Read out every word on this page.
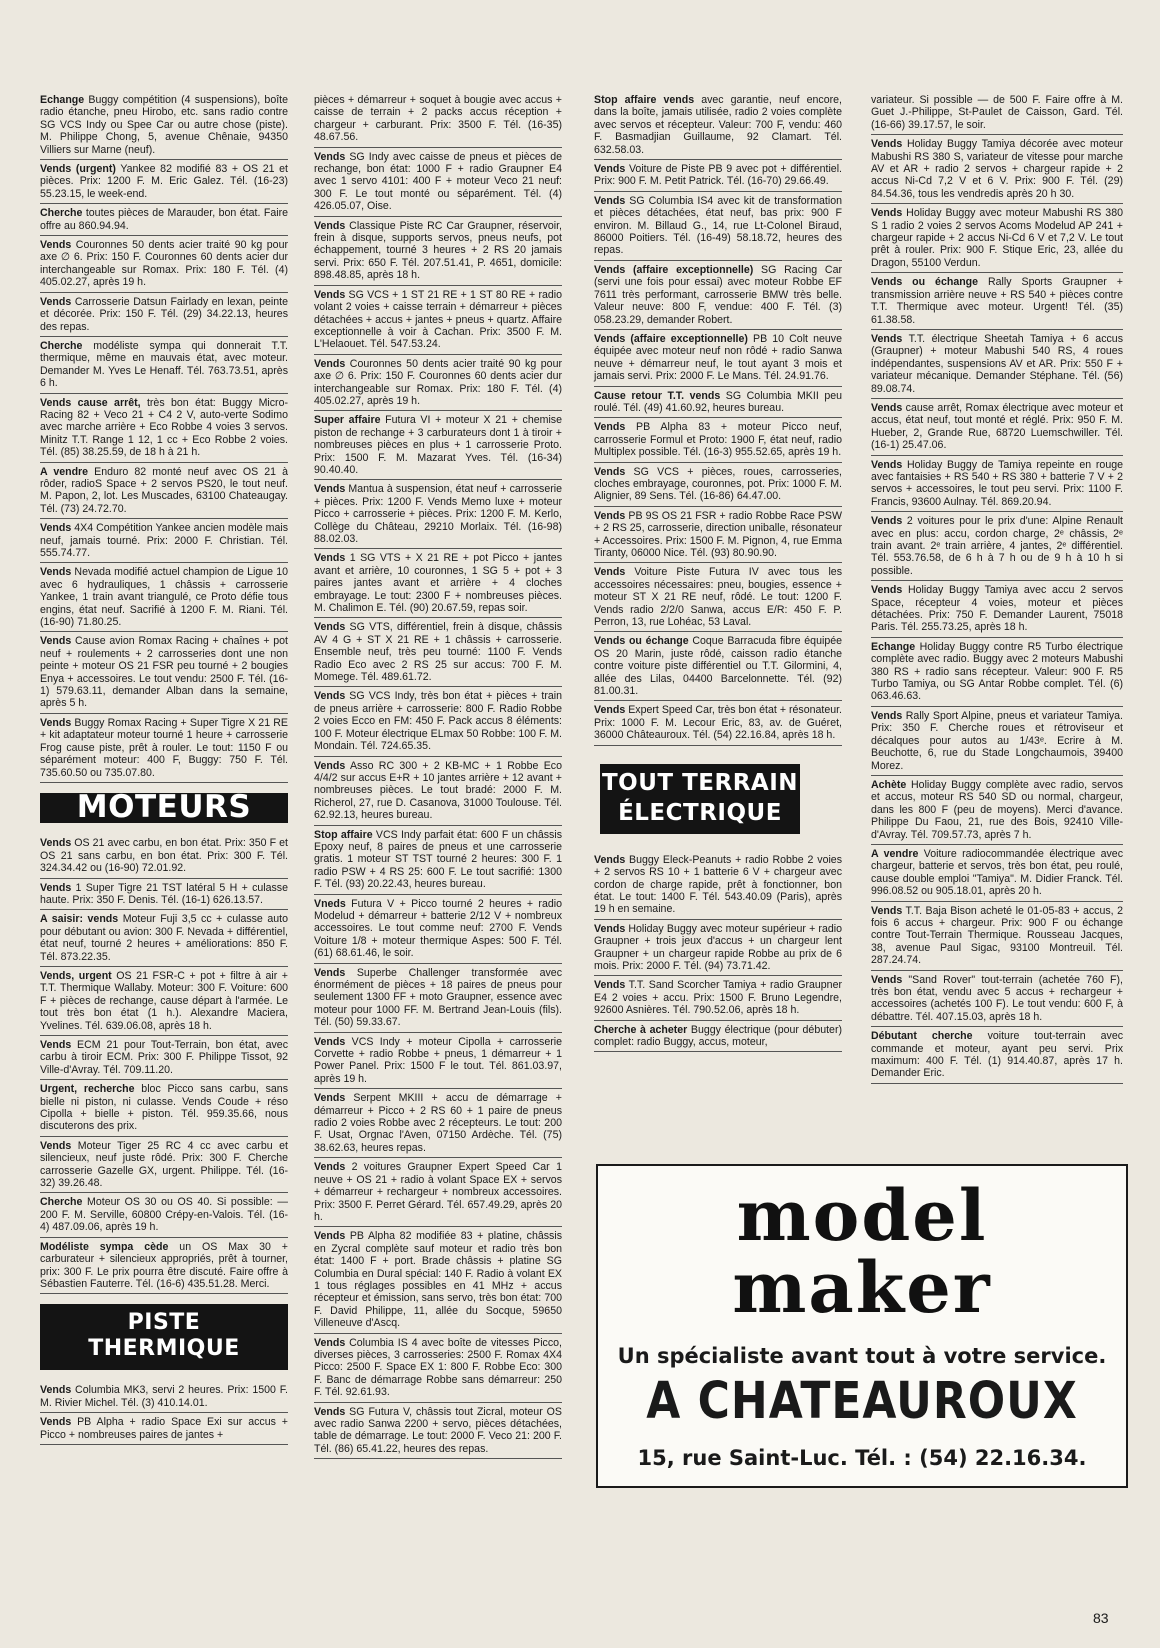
Echange Buggy compétition (4 suspensions), boîte radio étanche, pneu Hirobo, etc. sans radio contre SG VCS Indy ou Spee Car ou autre chose (piste). M. Philippe Chong, 5, avenue Chênaie, 94350 Villiers sur Marne (neuf).
Vends (urgent) Yankee 82 modifié 83 + OS 21 et pièces. Prix: 1200 F. M. Eric Galez. Tél. (16-23) 55.23.15, le week-end.
Cherche toutes pièces de Marauder, bon état. Faire offre au 860.94.94.
Vends Couronnes 50 dents acier traité 90 kg pour axe ∅ 6. Prix: 150 F. Couronnes 60 dents acier dur interchangeable sur Romax. Prix: 180 F. Tél. (4) 405.02.27, après 19 h.
Vends Carrosserie Datsun Fairlady en lexan, peinte et décorée. Prix: 150 F. Tél. (29) 34.22.13, heures des repas.
Cherche modéliste sympa qui donnerait T.T. thermique, même en mauvais état, avec moteur. Demander M. Yves Le Henaff. Tél. 763.73.51, après 6 h.
Vends cause arrêt, très bon état: Buggy Micro-Racing 82 + Veco 21 + C4 2 V, auto-verte Sodimo avec marche arrière + Eco Robbe 4 voies 3 servos. Minitz T.T. Range 1 12, 1 cc + Eco Robbe 2 voies. Tél. (85) 38.25.59, de 18 h à 21 h.
A vendre Enduro 82 monté neuf avec OS 21 à rôder, radioS Space + 2 servos PS20, le tout neuf. M. Papon, 2, lot. Les Muscades, 63100 Chateaugay. Tél. (73) 24.72.70.
Vends 4X4 Compétition Yankee ancien modèle mais neuf, jamais tourné. Prix: 2000 F. Christian. Tél. 555.74.77.
Vends Nevada modifié actuel champion de Ligue 10 avec 6 hydrauliques, 1 châssis + carrosserie Yankee, 1 train avant triangulé, ce Proto défie tous engins, état neuf. Sacrifié à 1200 F. M. Riani. Tél. (16-90) 71.80.25.
Vends Cause avion Romax Racing + chaînes + pot neuf + roulements + 2 carrosseries dont une non peinte + moteur OS 21 FSR peu tourné + 2 bougies Enya + accessoires. Le tout vendu: 2500 F. Tél. (16-1) 579.63.11, demander Alban dans la semaine, après 5 h.
Vends Buggy Romax Racing + Super Tigre X 21 RE + kit adaptateur moteur tourné 1 heure + carrosserie Frog cause piste, prêt à rouler. Le tout: 1150 F ou séparément moteur: 400 F, Buggy: 750 F. Tél. 735.60.50 ou 735.07.80.
MOTEURS
Vends OS 21 avec carbu, en bon état. Prix: 350 F et OS 21 sans carbu, en bon état. Prix: 300 F. Tél. 324.34.42 ou (16-90) 72.01.92.
Vends 1 Super Tigre 21 TST latéral 5 H + culasse haute. Prix: 350 F. Denis. Tél. (16-1) 626.13.57.
A saisir: vends Moteur Fuji 3,5 cc + culasse auto pour débutant ou avion: 300 F. Nevada + différentiel, état neuf, tourné 2 heures + améliorations: 850 F. Tél. 873.22.35.
Vends, urgent OS 21 FSR-C + pot + filtre à air + T.T. Thermique Wallaby. Moteur: 300 F. Voiture: 600 F + pièces de rechange, cause départ à l'armée. Le tout très bon état (1 h.). Alexandre Maciera, Yvelines. Tél. 639.06.08, après 18 h.
Vends ECM 21 pour Tout-Terrain, bon état, avec carbu à tiroir ECM. Prix: 300 F. Philippe Tissot, 92 Ville-d'Avray. Tél. 709.11.20.
Urgent, recherche bloc Picco sans carbu, sans bielle ni piston, ni culasse. Vends Coude + réso Cipolla + bielle + piston. Tél. 959.35.66, nous discuterons des prix.
Vends Moteur Tiger 25 RC 4 cc avec carbu et silencieux, neuf juste rôdé. Prix: 300 F. Cherche carrosserie Gazelle GX, urgent. Philippe. Tél. (16-32) 39.26.48.
Cherche Moteur OS 30 ou OS 40. Si possible: — 200 F. M. Serville, 60800 Crépy-en-Valois. Tél. (16-4) 487.09.06, après 19 h.
Modéliste sympa cède un OS Max 30 + carburateur + silencieux appropriés, prêt à tourner, prix: 300 F. Le prix pourra être discuté. Faire offre à Sébastien Fauterre. Tél. (16-6) 435.51.28. Merci.
PISTE
THERMIQUE
Vends Columbia MK3, servi 2 heures. Prix: 1500 F. M. Rivier Michel. Tél. (3) 410.14.01.
Vends PB Alpha + radio Space Exi sur accus + Picco + nombreuses paires de jantes +
pièces + démarreur + soquet à bougie avec accus + caisse de terrain + 2 packs accus réception + chargeur + carburant. Prix: 3500 F. Tél. (16-35) 48.67.56.
Vends SG Indy avec caisse de pneus et pièces de rechange, bon état: 1000 F + radio Graupner E4 avec 1 servo 4101: 400 F + moteur Veco 21 neuf: 300 F. Le tout monté ou séparément. Tél. (4) 426.05.07, Oise.
Vends Classique Piste RC Car Graupner, réservoir, frein à disque, supports servos, pneus neufs, pot échappement, tourné 3 heures + 2 RS 20 jamais servi. Prix: 650 F. Tél. 207.51.41, P. 4651, domicile: 898.48.85, après 18 h.
Vends SG VCS + 1 ST 21 RE + 1 ST 80 RE + radio volant 2 voies + caisse terrain + démarreur + pièces détachées + accus + jantes + pneus + quartz. Affaire exceptionnelle à voir à Cachan. Prix: 3500 F. M. L'Helaouet. Tél. 547.53.24.
Vends Couronnes 50 dents acier traité 90 kg pour axe ∅ 6. Prix: 150 F. Couronnes 60 dents acier dur interchangeable sur Romax. Prix: 180 F. Tél. (4) 405.02.27, après 19 h.
Super affaire Futura VI + moteur X 21 + chemise piston de rechange + 3 carburateurs dont 1 à tiroir + nombreuses pièces en plus + 1 carrosserie Proto. Prix: 1500 F. M. Mazarat Yves. Tél. (16-34) 90.40.40.
Vends Mantua à suspension, état neuf + carrosserie + pièces. Prix: 1200 F. Vends Memo luxe + moteur Picco + carrosserie + pièces. Prix: 1200 F. M. Kerlo, Collège du Château, 29210 Morlaix. Tél. (16-98) 88.02.03.
Vends 1 SG VTS + X 21 RE + pot Picco + jantes avant et arrière, 10 couronnes, 1 SG 5 + pot + 3 paires jantes avant et arrière + 4 cloches embrayage. Le tout: 2300 F + nombreuses pièces. M. Chalimon E. Tél. (90) 20.67.59, repas soir.
Vends SG VTS, différentiel, frein à disque, châssis AV 4 G + ST X 21 RE + 1 châssis + carrosserie. Ensemble neuf, très peu tourné: 1100 F. Vends Radio Eco avec 2 RS 25 sur accus: 700 F. M. Momege. Tél. 489.61.72.
Vends SG VCS Indy, très bon état + pièces + train de pneus arrière + carrosserie: 800 F. Radio Robbe 2 voies Ecco en FM: 450 F. Pack accus 8 éléments: 100 F. Moteur électrique ELmax 50 Robbe: 100 F. M. Mondain. Tél. 724.65.35.
Vends Asso RC 300 + 2 KB-MC + 1 Robbe Eco 4/4/2 sur accus E+R + 10 jantes arrière + 12 avant + nombreuses pièces. Le tout bradé: 2000 F. M. Richerol, 27, rue D. Casanova, 31000 Toulouse. Tél. 62.92.13, heures bureau.
Stop affaire VCS Indy parfait état: 600 F un châssis Epoxy neuf, 8 paires de pneus et une carrosserie gratis. 1 moteur ST TST tourné 2 heures: 300 F. 1 radio PSW + 4 RS 25: 600 F. Le tout sacrifié: 1300 F. Tél. (93) 20.22.43, heures bureau.
Vneds Futura V + Picco tourné 2 heures + radio Modelud + démarreur + batterie 2/12 V + nombreux accessoires. Le tout comme neuf: 2700 F. Vends Voiture 1/8 + moteur thermique Aspes: 500 F. Tél. (61) 68.61.46, le soir.
Vends Superbe Challenger transformée avec énormément de pièces + 18 paires de pneus pour seulement 1300 FF + moto Graupner, essence avec moteur pour 1000 FF. M. Bertrand Jean-Louis (fils). Tél. (50) 59.33.67.
Vends VCS Indy + moteur Cipolla + carrosserie Corvette + radio Robbe + pneus, 1 démarreur + 1 Power Panel. Prix: 1500 F le tout. Tél. 861.03.97, après 19 h.
Vends Serpent MKIII + accu de démarrage + démarreur + Picco + 2 RS 60 + 1 paire de pneus radio 2 voies Robbe avec 2 récepteurs. Le tout: 200 F. Usat, Orgnac l'Aven, 07150 Ardèche. Tél. (75) 38.62.63, heures repas.
Vends 2 voitures Graupner Expert Speed Car 1 neuve + OS 21 + radio à volant Space EX + servos + démarreur + rechargeur + nombreux accessoires. Prix: 3500 F. Perret Gérard. Tél. 657.49.29, après 20 h.
Vends PB Alpha 82 modifiée 83 + platine, châssis en Zycral complète sauf moteur et radio très bon état: 1400 F + port. Brade châssis + platine SG Columbia en Dural spécial: 140 F. Radio à volant EX 1 tous réglages possibles en 41 MHz + accus récepteur et émission, sans servo, très bon état: 700 F. David Philippe, 11, allée du Socque, 59650 Villeneuve d'Ascq.
Vends Columbia IS 4 avec boîte de vitesses Picco, diverses pièces, 3 carrosseries: 2500 F. Romax 4X4 Picco: 2500 F. Space EX 1: 800 F. Robbe Eco: 300 F. Banc de démarrage Robbe sans démarreur: 250 F. Tél. 92.61.93.
Vends SG Futura V, châssis tout Zicral, moteur OS avec radio Sanwa 2200 + servo, pièces détachées, table de démarrage. Le tout: 2000 F. Veco 21: 200 F. Tél. (86) 65.41.22, heures des repas.
Stop affaire vends avec garantie, neuf encore, dans la boîte, jamais utilisée, radio 2 voies complète avec servos et récepteur. Valeur: 700 F, vendu: 460 F. Basmadjian Guillaume, 92 Clamart. Tél. 632.58.03.
Vends Voiture de Piste PB 9 avec pot + différentiel. Prix: 900 F. M. Petit Patrick. Tél. (16-70) 29.66.49.
Vends SG Columbia IS4 avec kit de transformation et pièces détachées, état neuf, bas prix: 900 F environ. M. Billaud G., 14, rue Lt-Colonel Biraud, 86000 Poitiers. Tél. (16-49) 58.18.72, heures des repas.
Vends (affaire exceptionnelle) SG Racing Car (servi une fois pour essai) avec moteur Robbe EF 7611 très performant, carrosserie BMW très belle. Valeur neuve: 800 F, vendue: 400 F. Tél. (3) 058.23.29, demander Robert.
Vends (affaire exceptionnelle) PB 10 Colt neuve équipée avec moteur neuf non rôdé + radio Sanwa neuve + démarreur neuf, le tout ayant 3 mois et jamais servi. Prix: 2000 F. Le Mans. Tél. 24.91.76.
Cause retour T.T. vends SG Columbia MKII peu roulé. Tél. (49) 41.60.92, heures bureau.
Vends PB Alpha 83 + moteur Picco neuf, carrosserie Formul et Proto: 1900 F, état neuf, radio Multiplex possible. Tél. (16-3) 955.52.65, après 19 h.
Vends SG VCS + pièces, roues, carrosseries, cloches embrayage, couronnes, pot. Prix: 1000 F. M. Alignier, 89 Sens. Tél. (16-86) 64.47.00.
Vends PB 9S OS 21 FSR + radio Robbe Race PSW + 2 RS 25, carrosserie, direction uniballe, résonateur + Accessoires. Prix: 1500 F. M. Pignon, 4, rue Emma Tiranty, 06000 Nice. Tél. (93) 80.90.90.
Vends Voiture Piste Futura IV avec tous les accessoires nécessaires: pneu, bougies, essence + moteur ST X 21 RE neuf, rôdé. Le tout: 1200 F. Vends radio 2/2/0 Sanwa, accus E/R: 450 F. P. Perron, 13, rue Lohéac, 53 Laval.
Vends ou échange Coque Barracuda fibre équipée OS 20 Marin, juste rôdé, caisson radio étanche contre voiture piste différentiel ou T.T. Gilormini, 4, allée des Lilas, 04400 Barcelonnette. Tél. (92) 81.00.31.
Vends Expert Speed Car, très bon état + résonateur. Prix: 1000 F. M. Lecour Eric, 83, av. de Guéret, 36000 Châteauroux. Tél. (54) 22.16.84, après 18 h.
TOUT TERRAIN
ÉLECTRIQUE
Vends Buggy Eleck-Peanuts + radio Robbe 2 voies + 2 servos RS 10 + 1 batterie 6 V + chargeur avec cordon de charge rapide, prêt à fonctionner, bon état. Le tout: 1400 F. Tél. 543.40.09 (Paris), après 19 h en semaine.
Vends Holiday Buggy avec moteur supérieur + radio Graupner + trois jeux d'accus + un chargeur lent Graupner + un chargeur rapide Robbe au prix de 6 mois. Prix: 2000 F. Tél. (94) 73.71.42.
Vends T.T. Sand Scorcher Tamiya + radio Graupner E4 2 voies + accu. Prix: 1500 F. Bruno Legendre, 92600 Asnières. Tél. 790.52.06, après 18 h.
Cherche à acheter Buggy électrique (pour débuter) complet: radio Buggy, accus, moteur,
variateur. Si possible — de 500 F. Faire offre à M. Guet J.-Philippe, St-Paulet de Caisson, Gard. Tél. (16-66) 39.17.57, le soir.
Vends Holiday Buggy Tamiya décorée avec moteur Mabushi RS 380 S, variateur de vitesse pour marche AV et AR + radio 2 servos + chargeur rapide + 2 accus Ni-Cd 7,2 V et 6 V. Prix: 900 F. Tél. (29) 84.54.36, tous les vendredis après 20 h 30.
Vends Holiday Buggy avec moteur Mabushi RS 380 S 1 radio 2 voies 2 servos Acoms Modelud AP 241 + chargeur rapide + 2 accus Ni-Cd 6 V et 7,2 V. Le tout prêt à rouler. Prix: 900 F. Stique Eric, 23, allée du Dragon, 55100 Verdun.
Vends ou échange Rally Sports Graupner + transmission arrière neuve + RS 540 + pièces contre T.T. Thermique avec moteur. Urgent! Tél. (35) 61.38.58.
Vends T.T. électrique Sheetah Tamiya + 6 accus (Graupner) + moteur Mabushi 540 RS, 4 roues indépendantes, suspensions AV et AR. Prix: 550 F + variateur mécanique. Demander Stéphane. Tél. (56) 89.08.74.
Vends cause arrêt, Romax électrique avec moteur et accus, état neuf, tout monté et réglé. Prix: 950 F. M. Hueber, 2, Grande Rue, 68720 Luemschwiller. Tél. (16-1) 25.47.06.
Vends Holiday Buggy de Tamiya repeinte en rouge avec fantaisies + RS 540 + RS 380 + batterie 7 V + 2 servos + accessoires, le tout peu servi. Prix: 1100 F. Francis, 93600 Aulnay. Tél. 869.20.94.
Vends 2 voitures pour le prix d'une: Alpine Renault avec en plus: accu, cordon charge, 2ᵉ châssis, 2ᵉ train avant. 2ᵉ train arrière, 4 jantes, 2ᵉ différentiel. Tél. 553.76.58, de 6 h à 7 h ou de 9 h à 10 h si possible.
Vends Holiday Buggy Tamiya avec accu 2 servos Space, récepteur 4 voies, moteur et pièces détachées. Prix: 750 F. Demander Laurent, 75018 Paris. Tél. 255.73.25, après 18 h.
Echange Holiday Buggy contre R5 Turbo électrique complète avec radio. Buggy avec 2 moteurs Mabushi 380 RS + radio sans récepteur. Valeur: 900 F. R5 Turbo Tamiya, ou SG Antar Robbe complet. Tél. (6) 063.46.63.
Vends Rally Sport Alpine, pneus et variateur Tamiya. Prix: 350 F. Cherche roues et rétroviseur et décalques pour autos au 1/43ᵉ. Ecrire à M. Beuchotte, 6, rue du Stade Longchaumois, 39400 Morez.
Achète Holiday Buggy complète avec radio, servos et accus, moteur RS 540 SD ou normal, chargeur, dans les 800 F (peu de moyens). Merci d'avance. Philippe Du Faou, 21, rue des Bois, 92410 Ville-d'Avray. Tél. 709.57.73, après 7 h.
A vendre Voiture radiocommandée électrique avec chargeur, batterie et servos, très bon état, peu roulé, cause double emploi "Tamiya". M. Didier Franck. Tél. 996.08.52 ou 905.18.01, après 20 h.
Vends T.T. Baja Bison acheté le 01-05-83 + accus, 2 fois 6 accus + chargeur. Prix: 900 F ou échange contre Tout-Terrain Thermique. Rousseau Jacques, 38, avenue Paul Sigac, 93100 Montreuil. Tél. 287.24.74.
Vends "Sand Rover" tout-terrain (achetée 760 F), très bon état, vendu avec 5 accus + rechargeur + accessoires (achetés 100 F). Le tout vendu: 600 F, à débattre. Tél. 407.15.03, après 18 h.
Débutant cherche voiture tout-terrain avec commande et moteur, ayant peu servi. Prix maximum: 400 F. Tél. (1) 914.40.87, après 17 h. Demander Eric.
model
maker
Un spécialiste avant tout à votre service.
A CHATEAUROUX
15, rue Saint-Luc. Tél. : (54) 22.16.34.
83
